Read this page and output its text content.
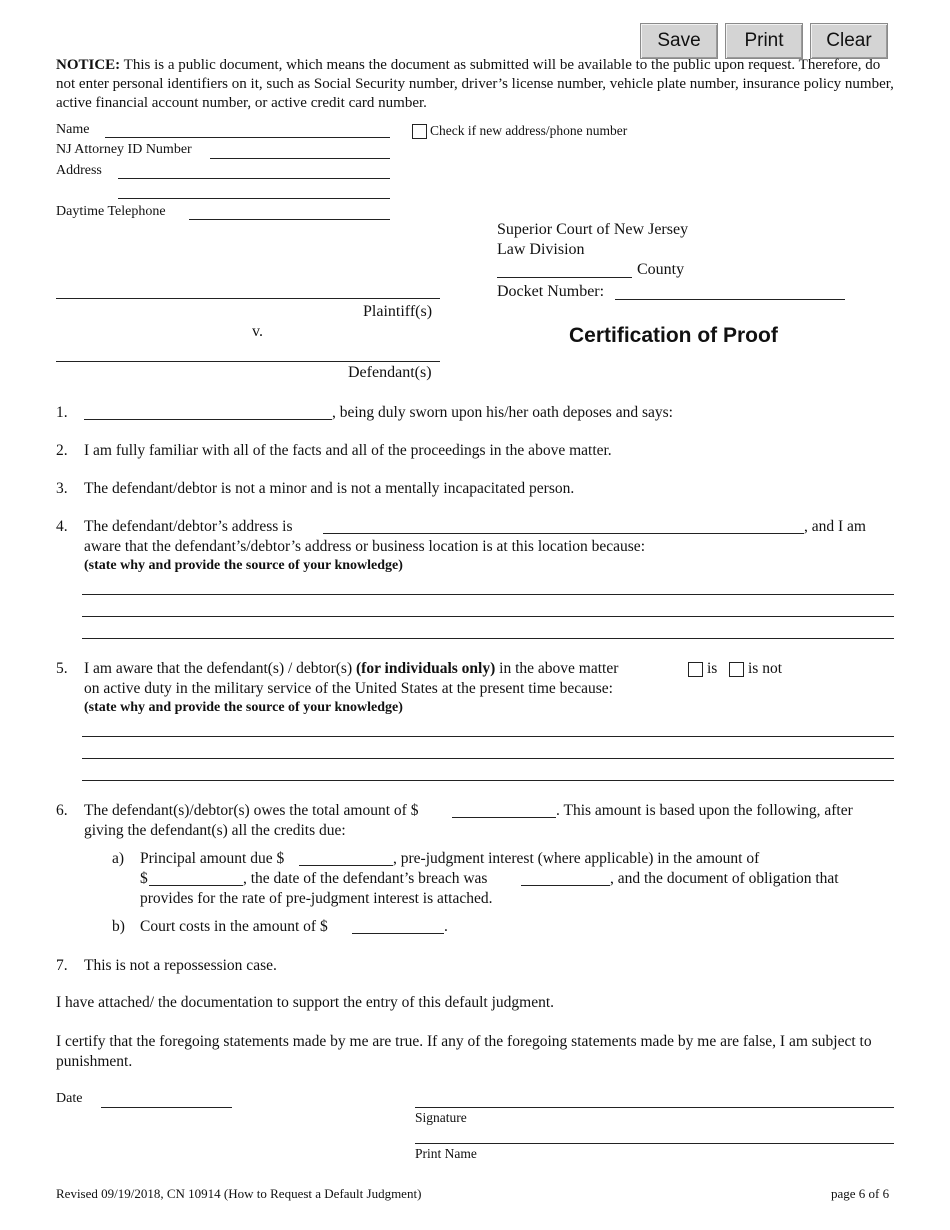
Save	Print	Clear
NOTICE: This is a public document, which means the document as submitted will be available to the public upon request. Therefore, do not enter personal identifiers on it, such as Social Security number, driver’s license number, vehicle plate number, insurance policy number, active financial account number, or active credit card number.
Name
NJ Attorney ID Number
Address
Daytime Telephone
Check if new address/phone number
Superior Court of New Jersey
Law Division
County
Docket Number:
Plaintiff(s)
v.
Defendant(s)
Certification of Proof
1.	, being duly sworn upon his/her oath deposes and says:
2. I am fully familiar with all of the facts and all of the proceedings in the above matter.
3. The defendant/debtor is not a minor and is not a mentally incapacitated person.
4. The defendant/debtor’s address is	, and I am
aware that the defendant’s/debtor’s address or business location is at this location because:
(state why and provide the source of your knowledge)
5. I am aware that the defendant(s) / debtor(s) (for individuals only) in the above matter	is is not
on active duty in the military service of the United States at the present time because:
(state why and provide the source of your knowledge)
6. The defendant(s)/debtor(s) owes the total amount of $	. This amount is based upon the following, after
giving the defendant(s) all the credits due:
a) Principal amount due $	, pre-judgment interest (where applicable) in the amount of
$	, the date of the defendant’s breach was	, and the document of obligation that
provides for the rate of pre-judgment interest is attached.
b) Court costs in the amount of $	.
7. This is not a repossession case.
I have attached/ the documentation to support the entry of this default judgment.
I certify that the foregoing statements made by me are true. If any of the foregoing statements made by me are false, I am subject to punishment.
Date
Signature
Print Name
Revised 09/19/2018, CN 10914 (How to Request a Default Judgment)	page 6 of 6
